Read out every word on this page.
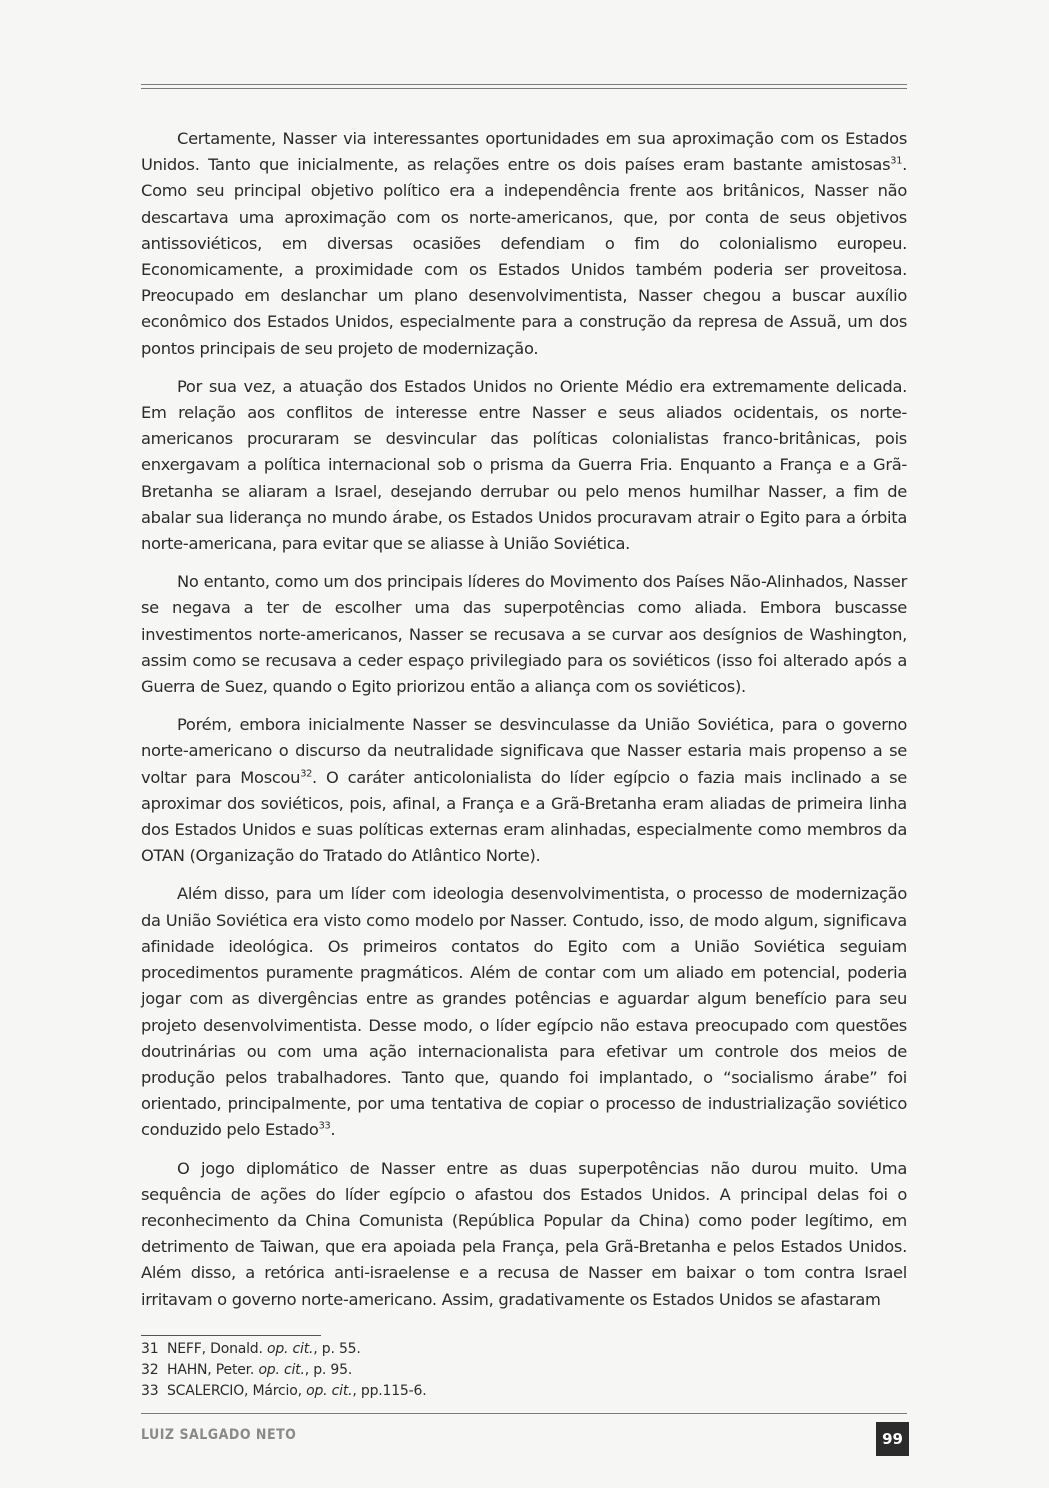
Certamente, Nasser via interessantes oportunidades em sua aproximação com os Estados Unidos. Tanto que inicialmente, as relações entre os dois países eram bastante amistosas$^{31}$. Como seu principal objetivo político era a independência frente aos britânicos, Nasser não descartava uma aproximação com os norte-americanos, que, por conta de seus objetivos antissoviéticos, em diversas ocasiões defendiam o fim do colonialismo europeu. Economicamente, a proximidade com os Estados Unidos também poderia ser proveitosa. Preocupado em deslanchar um plano desenvolvimentista, Nasser chegou a buscar auxílio econômico dos Estados Unidos, especialmente para a construção da represa de Assuã, um dos pontos principais de seu projeto de modernização.

Por sua vez, a atuação dos Estados Unidos no Oriente Médio era extremamente delicada. Em relação aos conflitos de interesse entre Nasser e seus aliados ocidentais, os norte-americanos procuraram se desvincular das políticas colonialistas franco-britânicas, pois enxergavam a política internacional sob o prisma da Guerra Fria. Enquanto a França e a Grã-Bretanha se aliaram a Israel, desejando derrubar ou pelo menos humilhar Nasser, a fim de abalar sua liderança no mundo árabe, os Estados Unidos procuravam atrair o Egito para a órbita norte-americana, para evitar que se aliasse à União Soviética.

No entanto, como um dos principais líderes do Movimento dos Países Não-Alinhados, Nasser se negava a ter de escolher uma das superpotências como aliada. Embora buscasse investimentos norte-americanos, Nasser se recusava a se curvar aos desígnios de Washington, assim como se recusava a ceder espaço privilegiado para os soviéticos (isso foi alterado após a Guerra de Suez, quando o Egito priorizou então a aliança com os soviéticos).

Porém, embora inicialmente Nasser se desvinculasse da União Soviética, para o governo norte-americano o discurso da neutralidade significava que Nasser estaria mais propenso a se voltar para Moscou$^{32}$. O caráter anticolonialista do líder egípcio o fazia mais inclinado a se aproximar dos soviéticos, pois, afinal, a França e a Grã-Bretanha eram aliadas de primeira linha dos Estados Unidos e suas políticas externas eram alinhadas, especialmente como membros da OTAN (Organização do Tratado do Atlântico Norte).

Além disso, para um líder com ideologia desenvolvimentista, o processo de modernização da União Soviética era visto como modelo por Nasser. Contudo, isso, de modo algum, significava afinidade ideológica. Os primeiros contatos do Egito com a União Soviética seguiam procedimentos puramente pragmáticos. Além de contar com um aliado em potencial, poderia jogar com as divergências entre as grandes potências e aguardar algum benefício para seu projeto desenvolvimentista. Desse modo, o líder egípcio não estava preocupado com questões doutrinárias ou com uma ação internacionalista para efetivar um controle dos meios de produção pelos trabalhadores. Tanto que, quando foi implantado, o “socialismo árabe” foi orientado, principalmente, por uma tentativa de copiar o processo de industrialização soviético conduzido pelo Estado$^{33}$.

O jogo diplomático de Nasser entre as duas superpotências não durou muito. Uma sequência de ações do líder egípcio o afastou dos Estados Unidos. A principal delas foi o reconhecimento da China Comunista (República Popular da China) como poder legítimo, em detrimento de Taiwan, que era apoiada pela França, pela Grã-Bretanha e pelos Estados Unidos. Além disso, a retórica anti-israelense e a recusa de Nasser em baixar o tom contra Israel irritavam o governo norte-americano. Assim, gradativamente os Estados Unidos se afastaram

31 NEFF, Donald. op. cit., p. 55.
32 HAHN, Peter. op. cit., p. 95.
33 SCALERCIO, Márcio, op. cit., pp.115-6.
LUIZ SALGADO NETO	99
